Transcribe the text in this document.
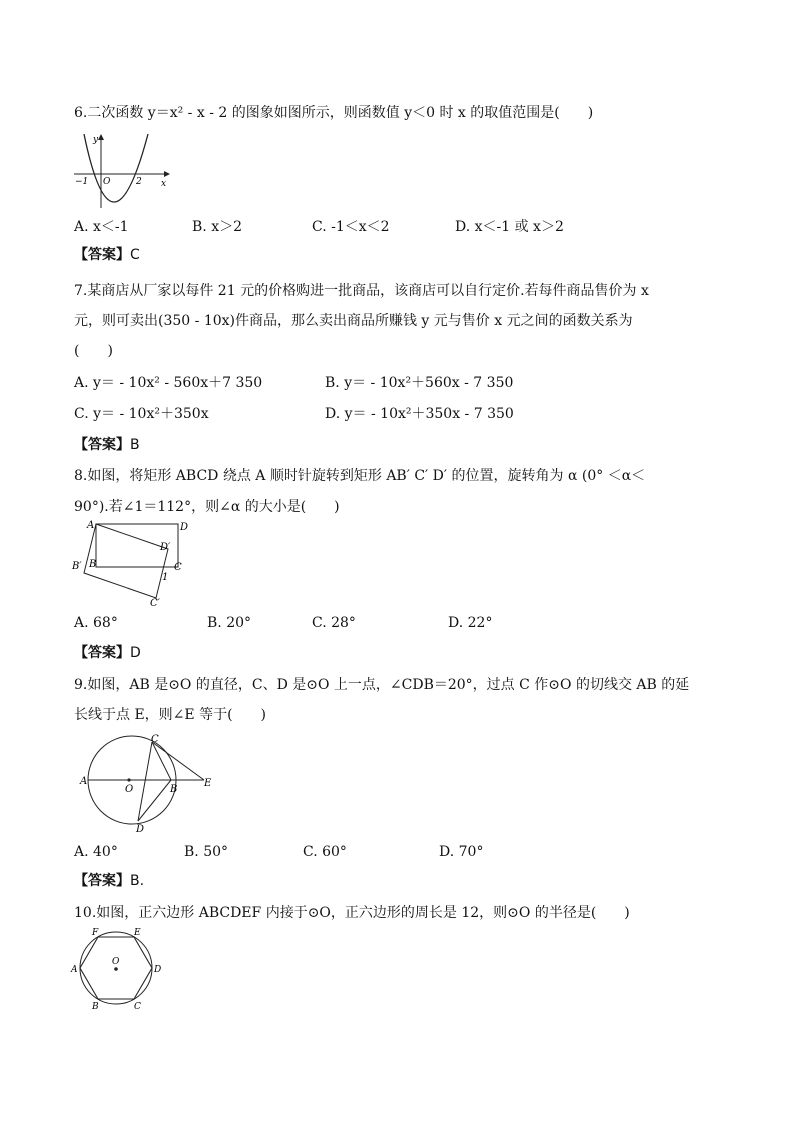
6.二次函数 y＝x² - x - 2 的图象如图所示，则函数值 y＜0 时 x 的取值范围是(　　)
y
x
−1 O	2
A. x＜-1	B. x＞2	C. -1＜x＜2	D. x＜-1 或 x＞2
【答案】C
7.某商店从厂家以每件 21 元的价格购进一批商品，该商店可以自行定价.若每件商品售价为 x
元，则可卖出(350 - 10x)件商品，那么卖出商品所赚钱 y 元与售价 x 元之间的函数关系为
(　　)
A. y＝ - 10x² - 560x＋7 350	B. y＝ - 10x²＋560x - 7 350
C. y＝ - 10x²＋350x	D. y＝ - 10x²＋350x - 7 350
【答案】B
8.如图，将矩形 ABCD 绕点 A 顺时针旋转到矩形 AB′ C′ D′ 的位置，旋转角为 α (0° ＜α＜
90°).若∠1＝112°，则∠α 的大小是(　　)
A	D
D′
B′ B	C
1
C′
A. 68°	B. 20°	C. 28°	D. 22°
【答案】D
9.如图，AB 是⊙O 的直径，C、D 是⊙O 上一点，∠CDB＝20°，过点 C 作⊙O 的切线交 AB 的延
长线于点 E，则∠E 等于(　　)
A
C
O	B
E
D
A. 40°	B. 50°	C. 60°	D. 70°
【答案】B.
10.如图，正六边形 ABCDEF 内接于⊙O，正六边形的周长是 12，则⊙O 的半径是(　　)
F	E
A
O
D
B	C
